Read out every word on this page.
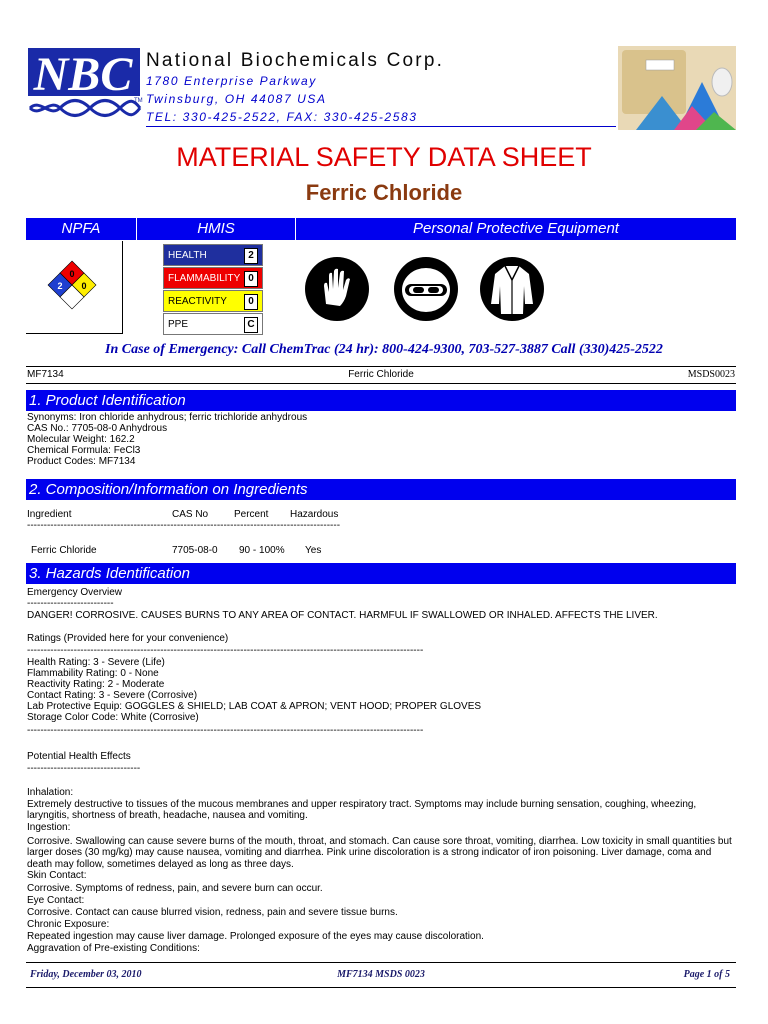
NBC TM
National Biochemicals Corp.
1780 Enterprise Parkway
Twinsburg, OH 44087 USA
TEL: 330-425-2522, FAX: 330-425-2583
MATERIAL SAFETY DATA SHEET
Ferric Chloride
NPFA	HMIS	Personal Protective Equipment
0
2 0
HEALTH	2
FLAMMABILITY 0
REACTIVITY	0
PPE	C
In Case of Emergency: Call ChemTrac (24 hr): 800-424-9300, 703-527-3887 Call (330)425-2522
MF7134	Ferric Chloride	MSDS0023
1. Product Identification
Synonyms: Iron chloride anhydrous; ferric trichloride anhydrous
CAS No.: 7705-08-0 Anhydrous
Molecular Weight: 162.2
Chemical Formula: FeCl3
Product Codes: MF7134
2. Composition/Information on Ingredients
Ingredient	CAS No	Percent Hazardous
----------------------------------------------------------------------------------------------
Ferric Chloride	7705-08-0 90 - 100% Yes
3. Hazards Identification
Emergency Overview
--------------------------
DANGER! CORROSIVE. CAUSES BURNS TO ANY AREA OF CONTACT. HARMFUL IF SWALLOWED OR INHALED. AFFECTS THE LIVER.
Ratings (Provided here for your convenience)
-----------------------------------------------------------------------------------------------------------------------
Health Rating: 3 - Severe (Life)
Flammability Rating: 0 - None
Reactivity Rating: 2 - Moderate
Contact Rating: 3 - Severe (Corrosive)
Lab Protective Equip: GOGGLES & SHIELD; LAB COAT & APRON; VENT HOOD; PROPER GLOVES
Storage Color Code: White (Corrosive)
-----------------------------------------------------------------------------------------------------------------------
Potential Health Effects
----------------------------------
Inhalation:
Extremely destructive to tissues of the mucous membranes and upper respiratory tract. Symptoms may include burning sensation, coughing, wheezing, laryngitis, shortness of breath, headache, nausea and vomiting.
Ingestion:
Corrosive. Swallowing can cause severe burns of the mouth, throat, and stomach. Can cause sore throat, vomiting, diarrhea. Low toxicity in small quantities but larger doses (30 mg/kg) may cause nausea, vomiting and diarrhea. Pink urine discoloration is a strong indicator of iron poisoning. Liver damage, coma and death may follow, sometimes delayed as long as three days.
Skin Contact:
Corrosive. Symptoms of redness, pain, and severe burn can occur.
Eye Contact:
Corrosive. Contact can cause blurred vision, redness, pain and severe tissue burns.
Chronic Exposure:
Repeated ingestion may cause liver damage. Prolonged exposure of the eyes may cause discoloration.
Aggravation of Pre-existing Conditions:
Friday, December 03, 2010	MF7134 MSDS 0023	Page 1 of 5
